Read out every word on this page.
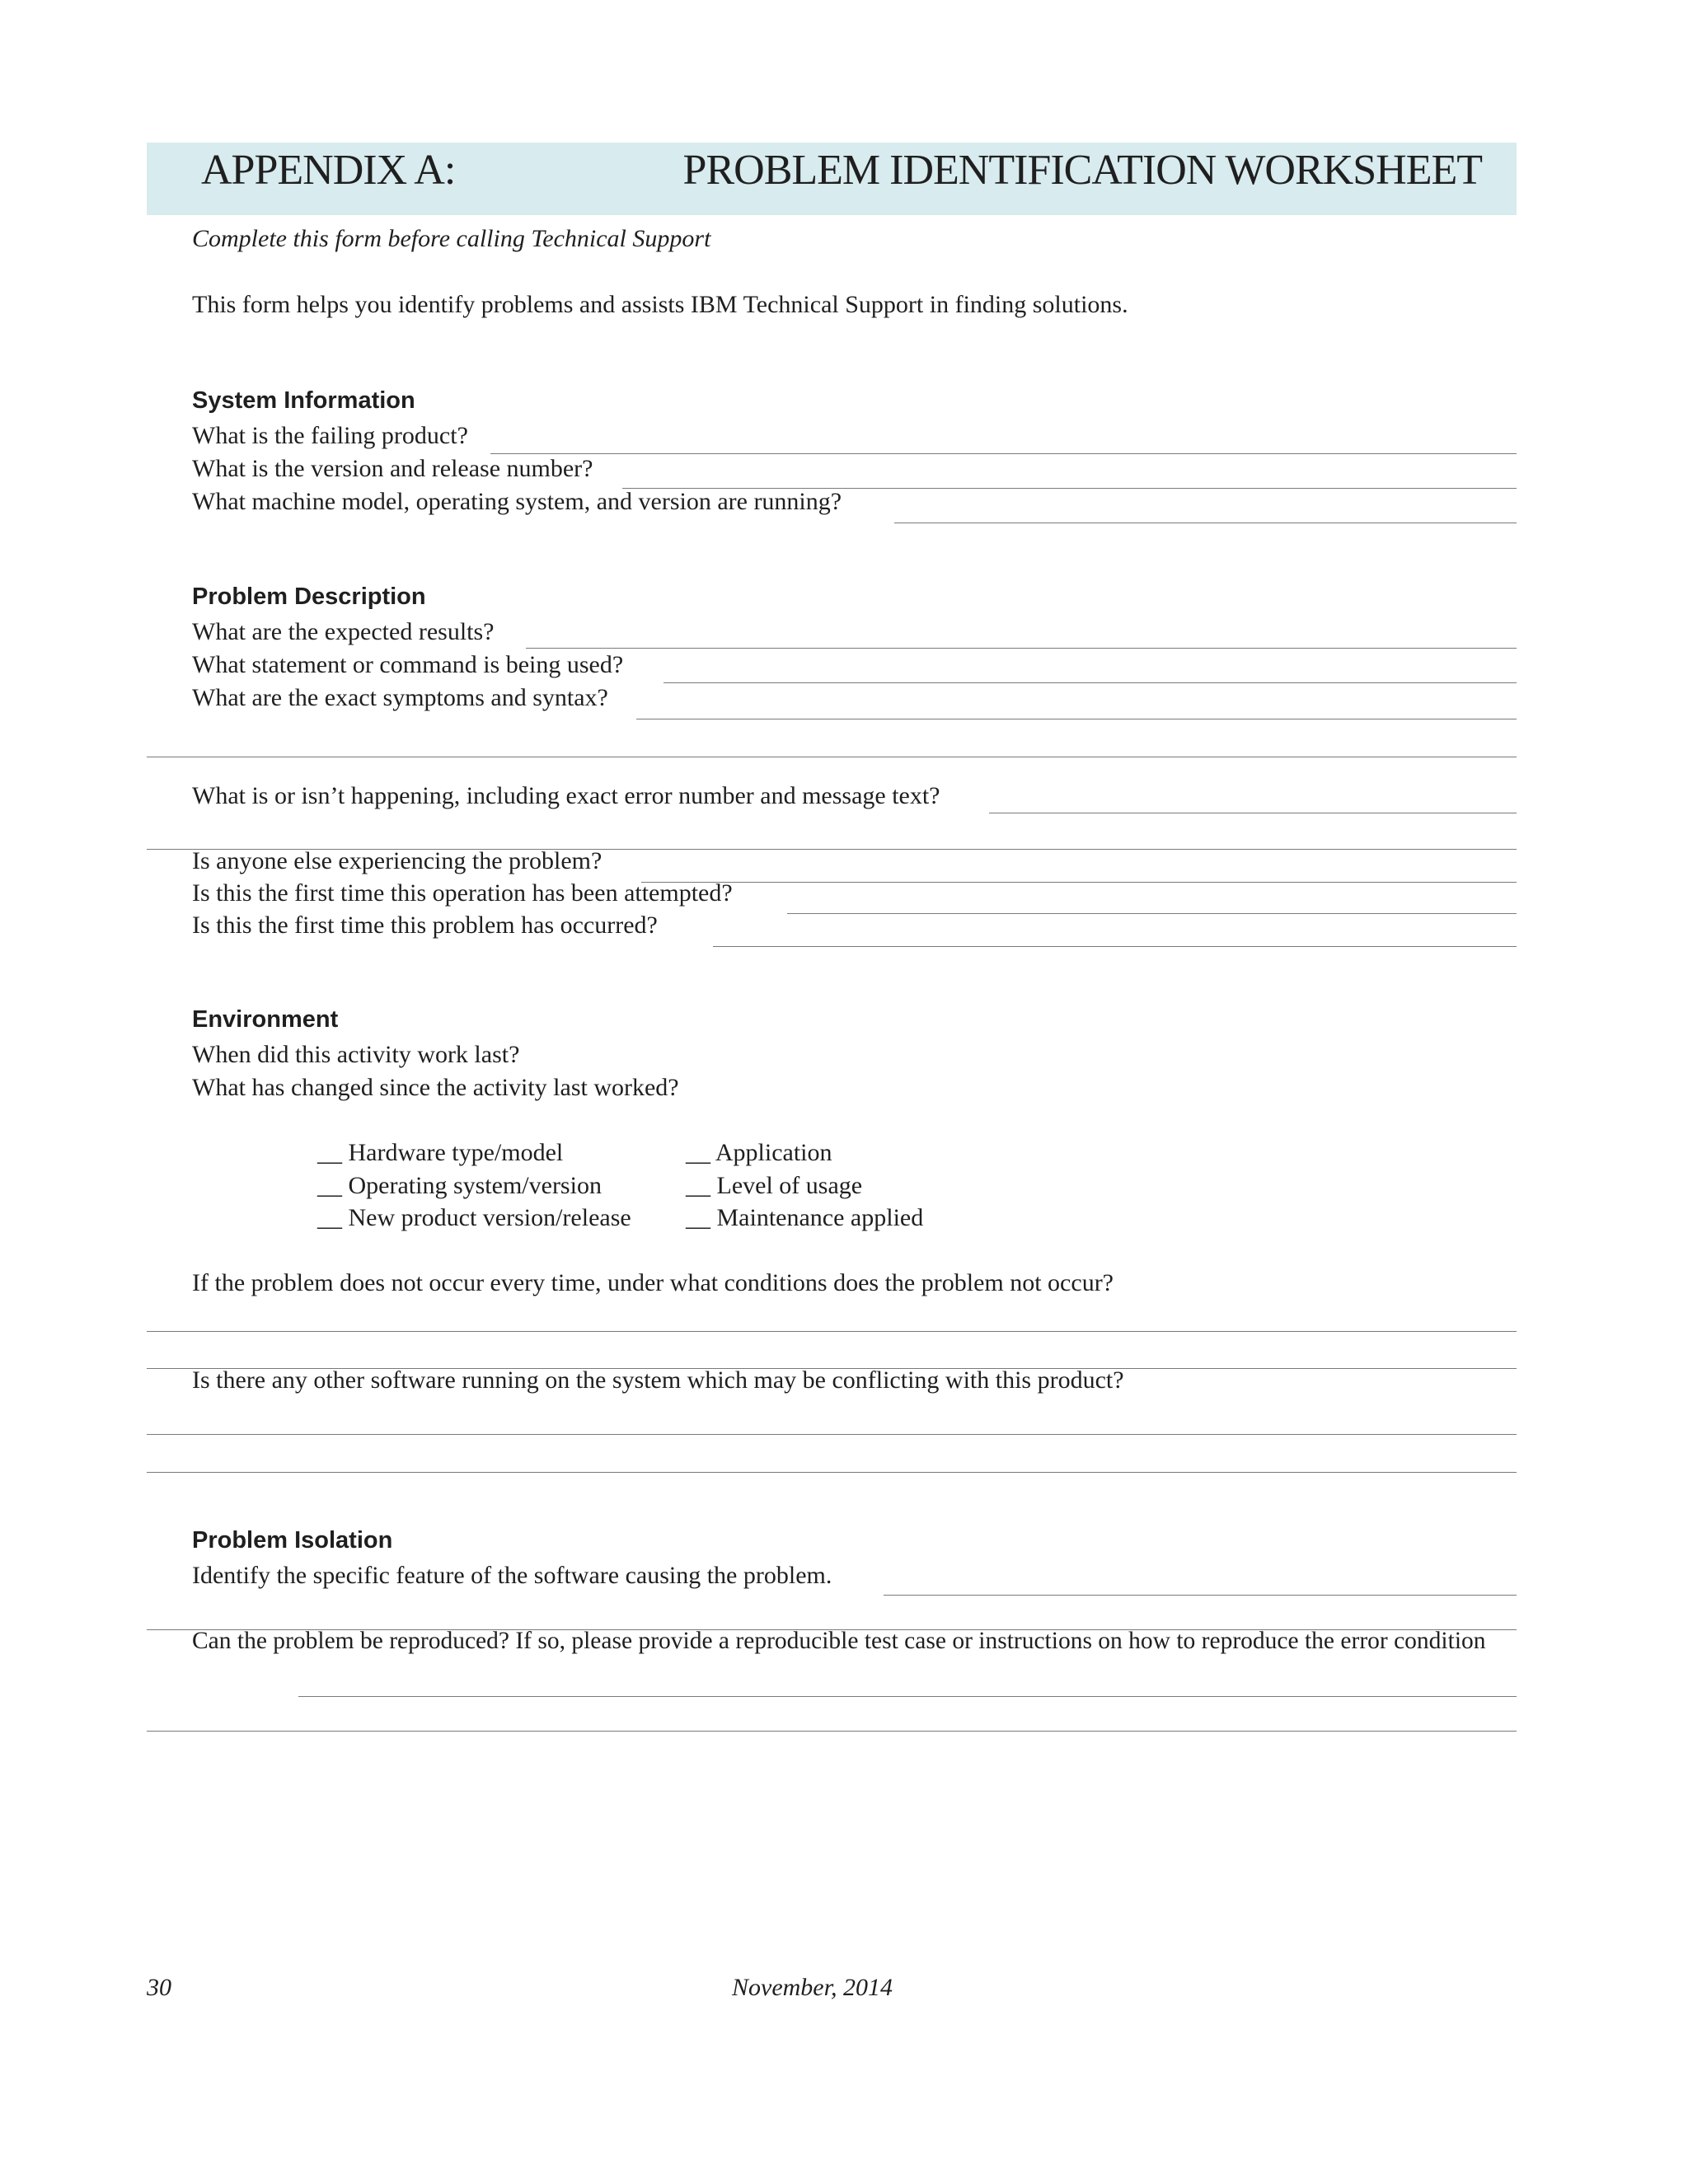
APPENDIX A:	PROBLEM IDENTIFICATION WORKSHEET
Complete this form before calling Technical Support
This form helps you identify problems and assists IBM Technical Support in finding solutions.
System Information
What is the failing product?
What is the version and release number?
What machine model, operating system, and version are running?
Problem Description
What are the expected results?
What statement or command is being used?
What are the exact symptoms and syntax?
What is or isn’t happening, including exact error number and message text?
Is anyone else experiencing the problem?
Is this the first time this operation has been attempted?
Is this the first time this problem has occurred?
Environment
When did this activity work last?
What has changed since the activity last worked?
__ Hardware type/model
__ Operating system/version
__ New product version/release
__ Application
__ Level of usage
__ Maintenance applied
If the problem does not occur every time, under what conditions does the problem not occur?
Is there any other software running on the system which may be conflicting with this product?
Problem Isolation
Identify the specific feature of the software causing the problem.
Can the problem be reproduced? If so, please provide a reproducible test case or instructions on how to reproduce the error condition
30	November, 2014
